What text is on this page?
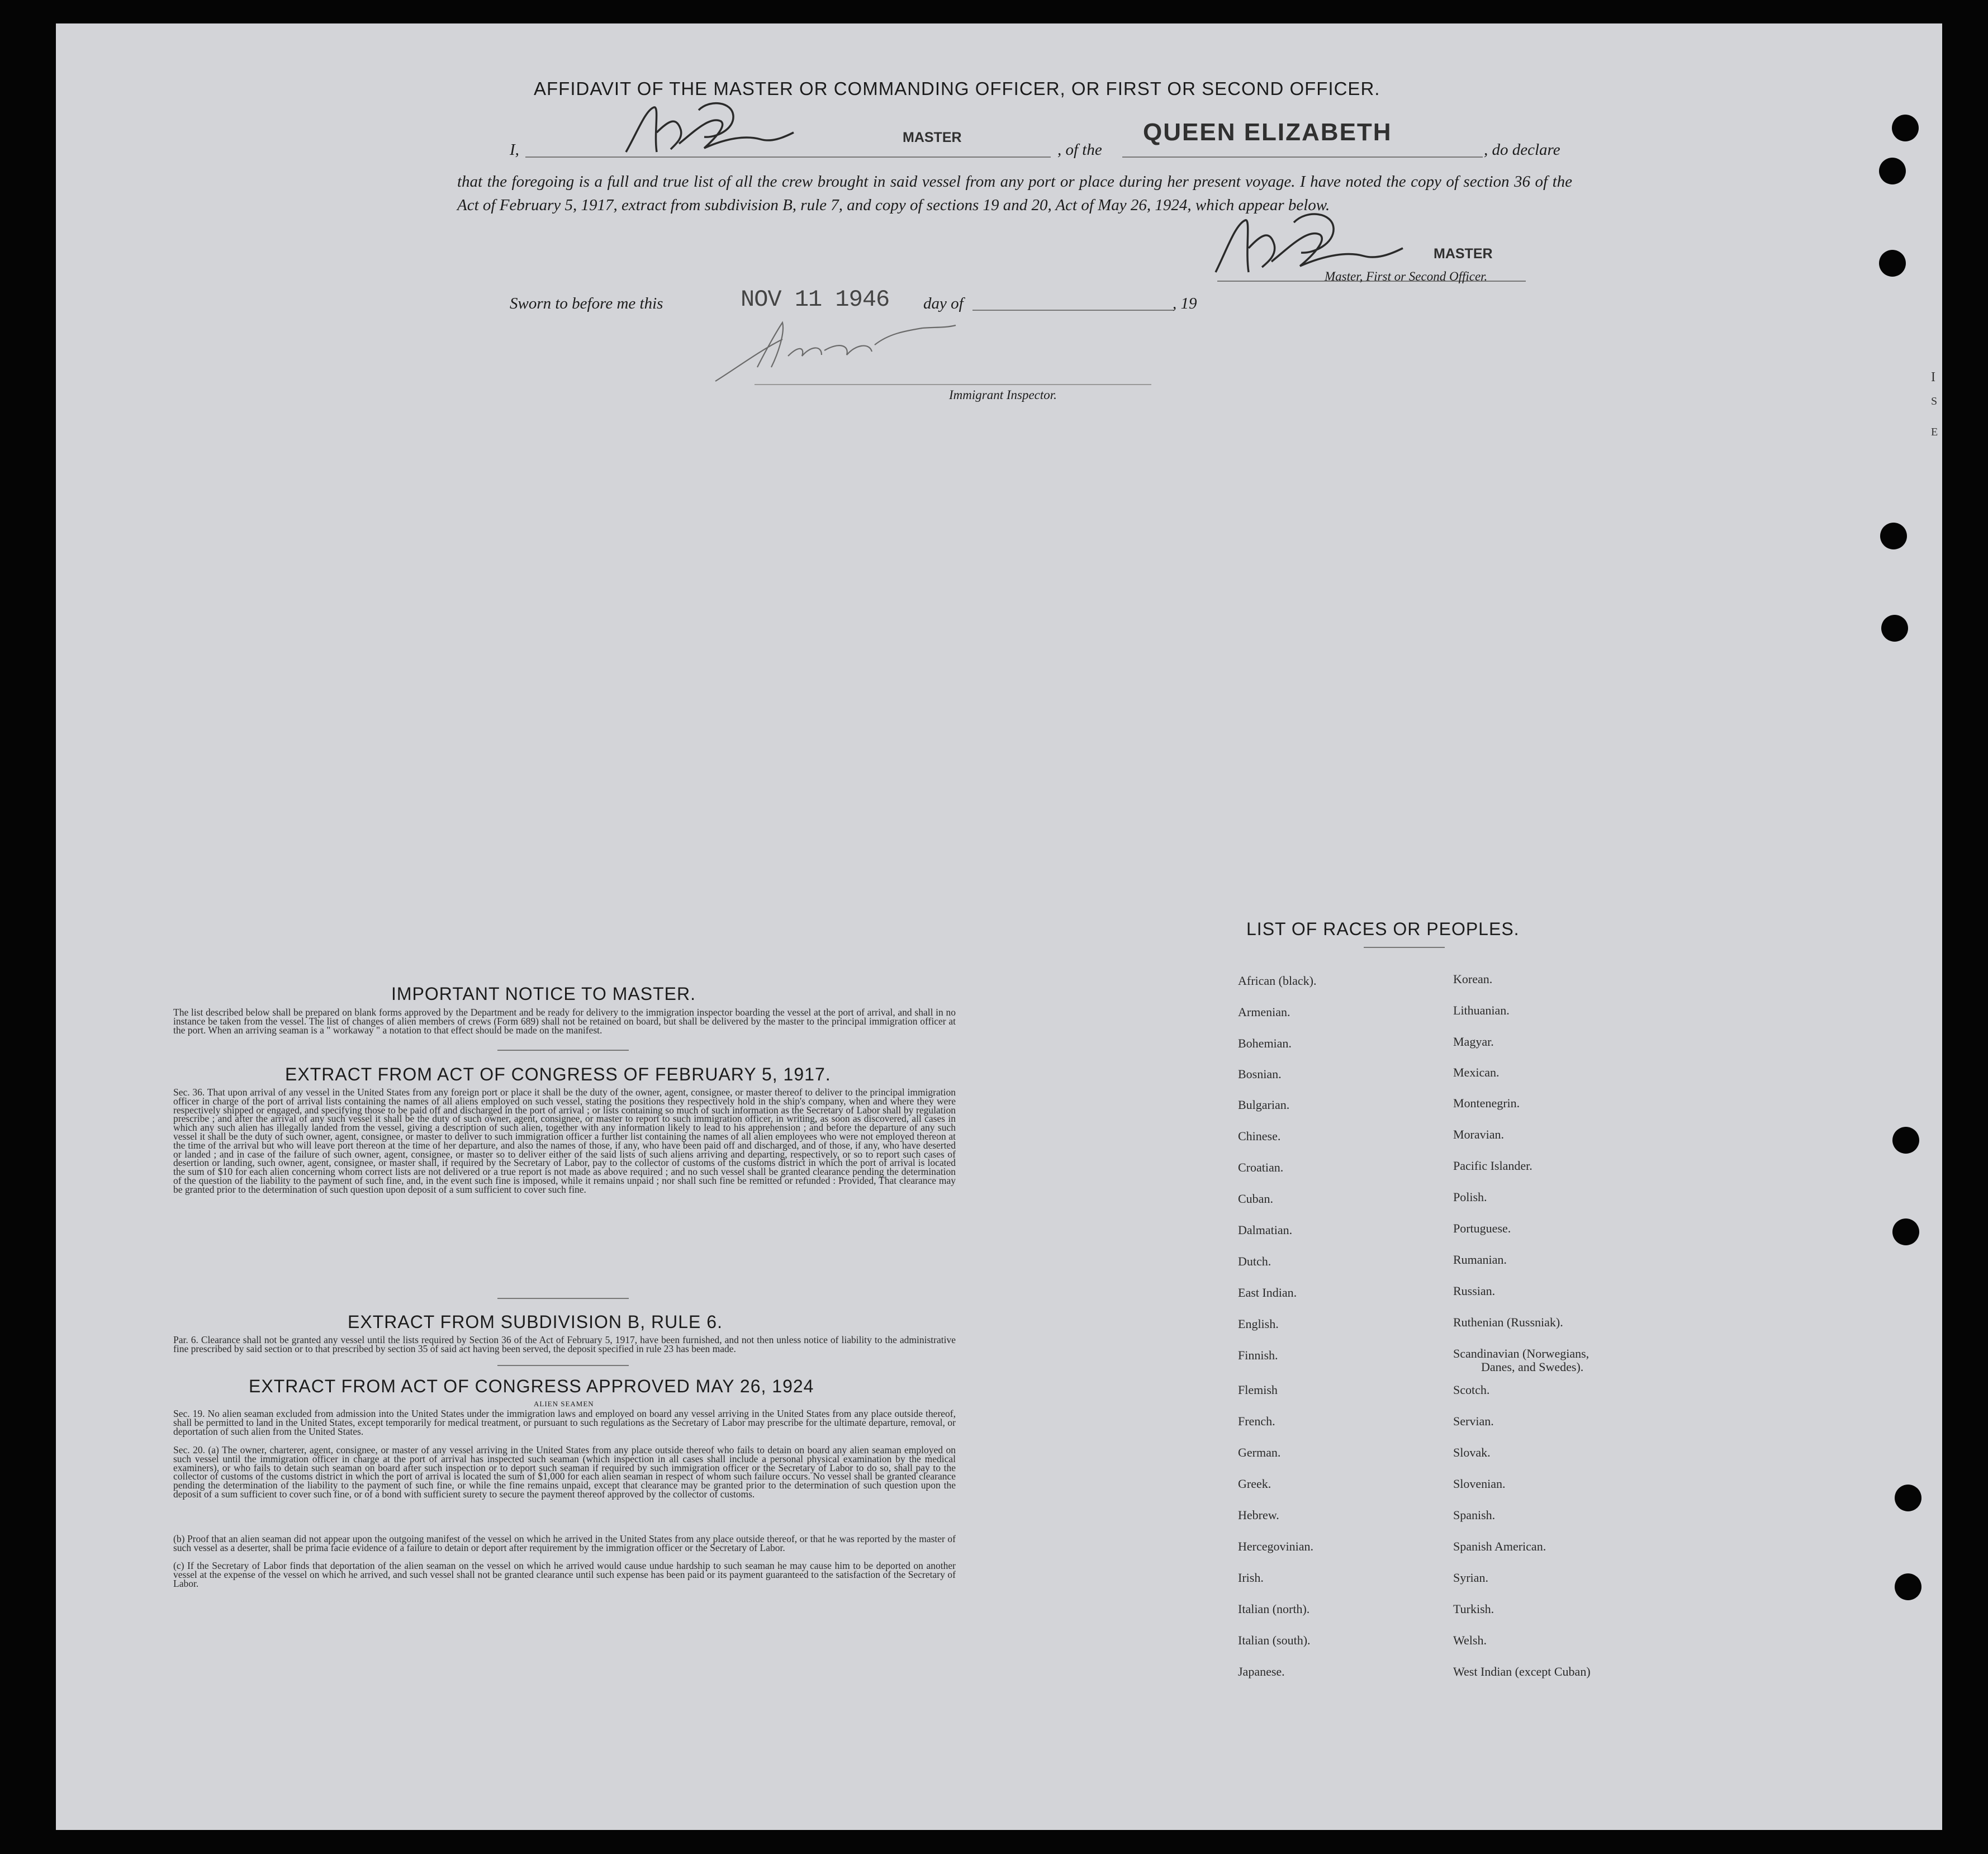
AFFIDAVIT OF THE MASTER OR COMMANDING OFFICER, OR FIRST OR SECOND OFFICER.
I,
MASTER
, of the
QUEEN ELIZABETH
, do declare
that the foregoing is a full and true list of all the crew brought in said vessel from any port or place during her present voyage. I have noted the copy of section 36 of the Act of February 5, 1917, extract from subdivision B, rule 7, and copy of sections 19 and 20, Act of May 26, 1924, which appear below.
MASTER
Master, First or Second Officer.
Sworn to before me this	NOV 11 1946 day of	, 19
Immigrant Inspector.
IMPORTANT NOTICE TO MASTER.
The list described below shall be prepared on blank forms approved by the Department and be ready for delivery to the immigration inspector boarding the vessel at the port of arrival, and shall in no instance be taken from the vessel. The list of changes of alien members of crews (Form 689) shall not be retained on board, but shall be delivered by the master to the principal immigration officer at the port. When an arriving seaman is a " workaway " a notation to that effect should be made on the manifest.
EXTRACT FROM ACT OF CONGRESS OF FEBRUARY 5, 1917.
Sec. 36. That upon arrival of any vessel in the United States from any foreign port or place it shall be the duty of the owner, agent, consignee, or master thereof to deliver to the principal immigration officer in charge of the port of arrival lists containing the names of all aliens employed on such vessel, stating the positions they respectively hold in the ship's company, when and where they were respectively shipped or engaged, and specifying those to be paid off and discharged in the port of arrival ; or lists containing so much of such information as the Secretary of Labor shall by regulation prescribe ; and after the arrival of any such vessel it shall be the duty of such owner, agent, consignee, or master to report to such immigration officer, in writing, as soon as discovered, all cases in which any such alien has illegally landed from the vessel, giving a description of such alien, together with any information likely to lead to his apprehension ; and before the departure of any such vessel it shall be the duty of such owner, agent, consignee, or master to deliver to such immigration officer a further list containing the names of all alien employees who were not employed thereon at the time of the arrival but who will leave port thereon at the time of her departure, and also the names of those, if any, who have been paid off and discharged, and of those, if any, who have deserted or landed ; and in case of the failure of such owner, agent, consignee, or master so to deliver either of the said lists of such aliens arriving and departing, respectively, or so to report such cases of desertion or landing, such owner, agent, consignee, or master shall, if required by the Secretary of Labor, pay to the collector of customs of the customs district in which the port of arrival is located the sum of $10 for each alien concerning whom correct lists are not delivered or a true report is not made as above required ; and no such vessel shall be granted clearance pending the determination of the question of the liability to the payment of such fine, and, in the event such fine is imposed, while it remains unpaid ; nor shall such fine be remitted or refunded : Provided, That clearance may be granted prior to the determination of such question upon deposit of a sum sufficient to cover such fine.
EXTRACT FROM SUBDIVISION B, RULE 6.
Par. 6. Clearance shall not be granted any vessel until the lists required by Section 36 of the Act of February 5, 1917, have been furnished, and not then unless notice of liability to the administrative fine prescribed by said section or to that prescribed by section 35 of said act having been served, the deposit specified in rule 23 has been made.
EXTRACT FROM ACT OF CONGRESS APPROVED MAY 26, 1924
ALIEN SEAMEN
Sec. 19. No alien seaman excluded from admission into the United States under the immigration laws and employed on board any vessel arriving in the United States from any place outside thereof, shall be permitted to land in the United States, except temporarily for medical treatment, or pursuant to such regulations as the Secretary of Labor may prescribe for the ultimate departure, removal, or deportation of such alien from the United States.
Sec. 20. (a) The owner, charterer, agent, consignee, or master of any vessel arriving in the United States from any place outside thereof who fails to detain on board any alien seaman employed on such vessel until the immigration officer in charge at the port of arrival has inspected such seaman (which inspection in all cases shall include a personal physical examination by the medical examiners), or who fails to detain such seaman on board after such inspection or to deport such seaman if required by such immigration officer or the Secretary of Labor to do so, shall pay to the collector of customs of the customs district in which the port of arrival is located the sum of $1,000 for each alien seaman in respect of whom such failure occurs. No vessel shall be granted clearance pending the determination of the liability to the payment of such fine, or while the fine remains unpaid, except that clearance may be granted prior to the determination of such question upon the deposit of a sum sufficient to cover such fine, or of a bond with sufficient surety to secure the payment thereof approved by the collector of customs.
(b) Proof that an alien seaman did not appear upon the outgoing manifest of the vessel on which he arrived in the United States from any place outside thereof, or that he was reported by the master of such vessel as a deserter, shall be prima facie evidence of a failure to detain or deport after requirement by the immigration officer or the Secretary of Labor.
(c) If the Secretary of Labor finds that deportation of the alien seaman on the vessel on which he arrived would cause undue hardship to such seaman he may cause him to be deported on another vessel at the expense of the vessel on which he arrived, and such vessel shall not be granted clearance until such expense has been paid or its payment guaranteed to the satisfaction of the Secretary of Labor.
LIST OF RACES OR PEOPLES.
African (black).
Armenian.
Bohemian.
Bosnian.
Bulgarian.
Chinese.
Croatian.
Cuban.
Dalmatian.
Dutch.
East Indian.
English.
Finnish.
Flemish
French.
German.
Greek.
Hebrew.
Hercegovinian.
Irish.
Italian (north).
Italian (south).
Japanese.
Korean.
Lithuanian.
Magyar.
Mexican.
Montenegrin.
Moravian.
Pacific Islander.
Polish.
Portuguese.
Rumanian.
Russian.
Ruthenian (Russniak).
Scandinavian (Norwegians,
Danes, and Swedes).
Scotch.
Servian.
Slovak.
Slovenian.
Spanish.
Spanish American.
Syrian.
Turkish.
Welsh.
West Indian (except Cuban)
I
S
E
